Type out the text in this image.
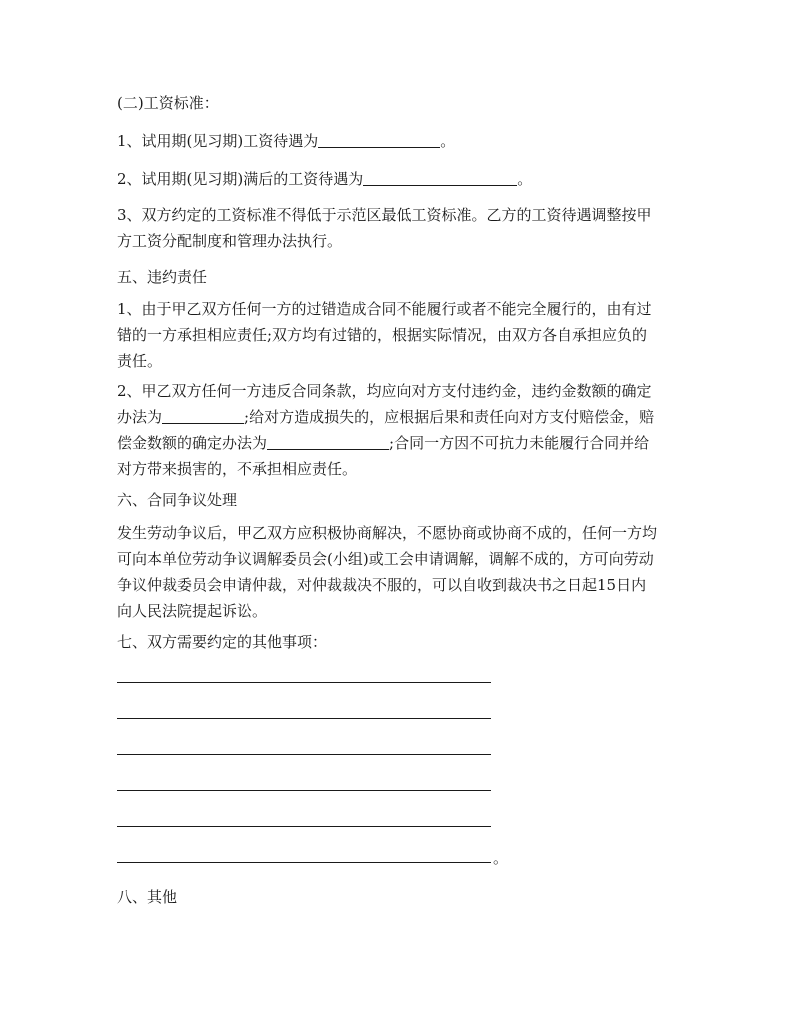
(二)工资标准：

1、试用期(见习期)工资待遇为	。

2、试用期(见习期)满后的工资待遇为	。

3、双方约定的工资标准不得低于示范区最低工资标准。乙方的工资待遇调整按甲
方工资分配制度和管理办法执行。

五、违约责任

1、由于甲乙双方任何一方的过错造成合同不能履行或者不能完全履行的，由有过
错的一方承担相应责任;双方均有过错的，根据实际情况，由双方各自承担应负的
责任。

2、甲乙双方任何一方违反合同条款，均应向对方支付违约金，违约金数额的确定
办法为	;给对方造成损失的，应根据后果和责任向对方支付赔偿金，赔
偿金数额的确定办法为	;合同一方因不可抗力未能履行合同并给
对方带来损害的，不承担相应责任。

六、合同争议处理

发生劳动争议后，甲乙双方应积极协商解决，不愿协商或协商不成的，任何一方均
可向本单位劳动争议调解委员会(小组)或工会申请调解，调解不成的，方可向劳动
争议仲裁委员会申请仲裁，对仲裁裁决不服的，可以自收到裁决书之日起15日内
向人民法院提起诉讼。

七、双方需要约定的其他事项：

。

八、其他
